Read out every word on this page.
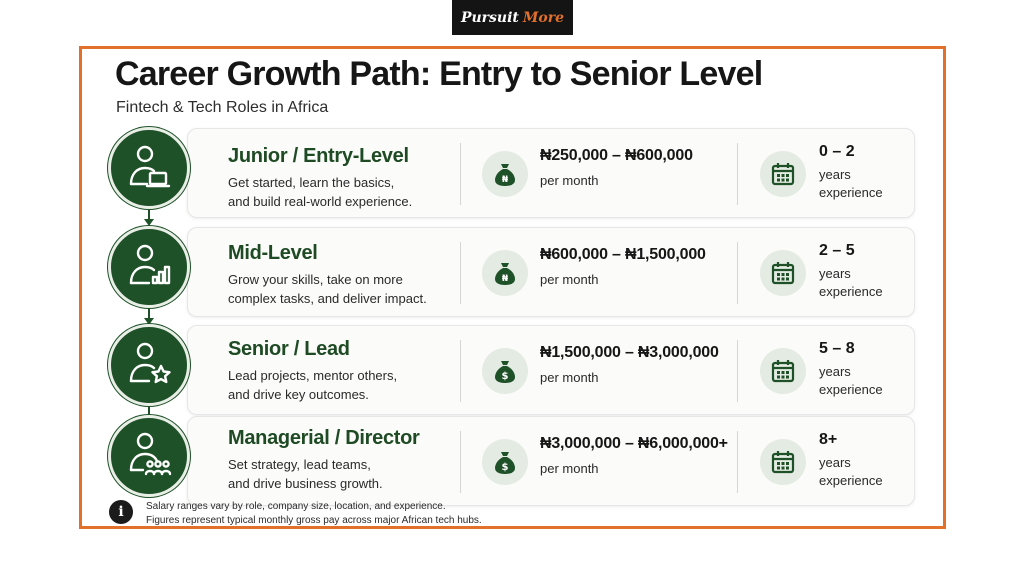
Pursuit More
Career Growth Path: Entry to Senior Level
Fintech & Tech Roles in Africa
Junior / Entry-Level
Get started, learn the basics,
and build real-world experience.
₦
₦250,000 – ₦600,000
per month
0 – 2
years
experience
Mid-Level
Grow your skills, take on more
complex tasks, and deliver impact.
₦
₦600,000 – ₦1,500,000
per month
2 – 5
years
experience
Senior / Lead
Lead projects, mentor others,
and drive key outcomes.
$
₦1,500,000 – ₦3,000,000
per month
5 – 8
years
experience
Managerial / Director
Set strategy, lead teams,
and drive business growth.
$
₦3,000,000 – ₦6,000,000+
per month
8+
years
experience
i	Salary ranges vary by role, company size, location, and experience.
Figures represent typical monthly gross pay across major African tech hubs.
